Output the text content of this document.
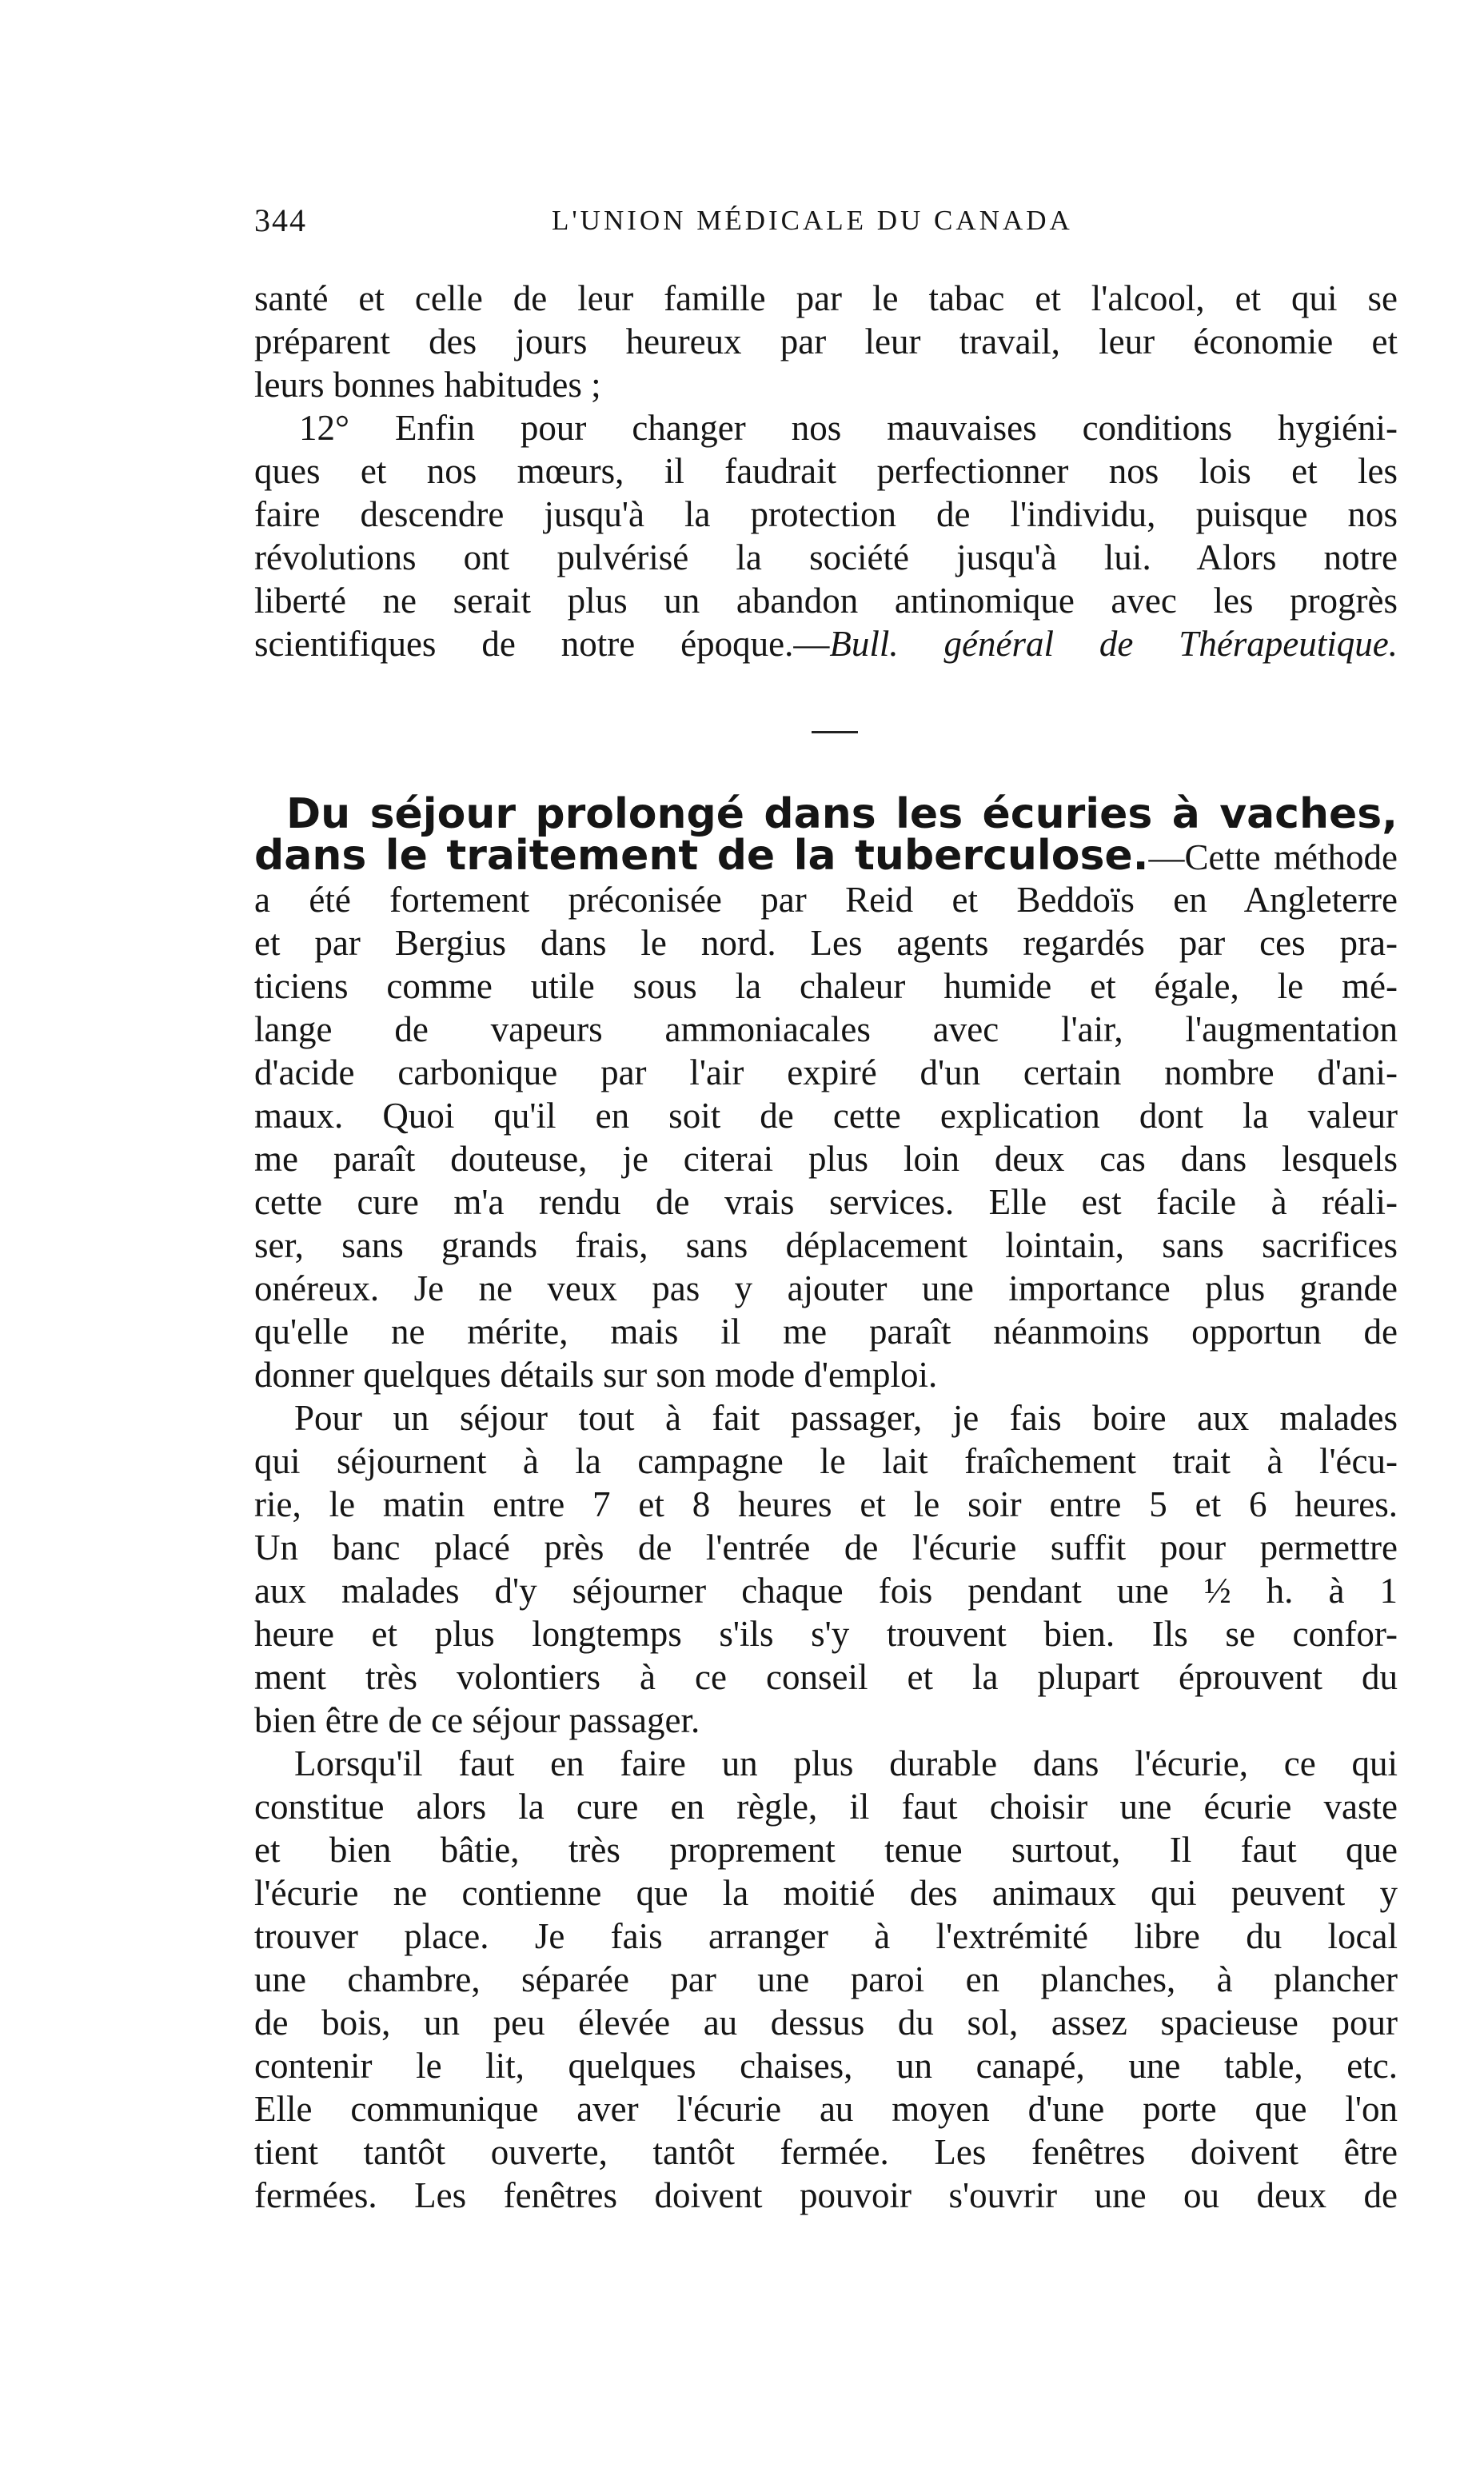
344	L'UNION MÉDICALE DU CANADA
santé et celle de leur famille par le tabac et l'alcool, et qui se
préparent des jours heureux par leur travail, leur économie et
leurs bonnes habitudes ;
12° Enfin pour changer nos mauvaises conditions hygiéni-
ques et nos mœurs, il faudrait perfectionner nos lois et les
faire descendre jusqu'à la protection de l'individu, puisque nos
révolutions ont pulvérisé la société jusqu'à lui. Alors notre
liberté ne serait plus un abandon antinomique avec les progrès
scientifiques de notre époque.—Bull. général de Thérapeutique.
Du séjour prolongé dans les écuries à vaches,
dans le traitement de la tuberculose.—Cette méthode
a été fortement préconisée par Reid et Beddoïs en Angleterre
et par Bergius dans le nord. Les agents regardés par ces pra-
ticiens comme utile sous la chaleur humide et égale, le mé-
lange de vapeurs ammoniacales avec l'air, l'augmentation
d'acide carbonique par l'air expiré d'un certain nombre d'ani-
maux. Quoi qu'il en soit de cette explication dont la valeur
me paraît douteuse, je citerai plus loin deux cas dans lesquels
cette cure m'a rendu de vrais services. Elle est facile à réali-
ser, sans grands frais, sans déplacement lointain, sans sacrifices
onéreux. Je ne veux pas y ajouter une importance plus grande
qu'elle ne mérite, mais il me paraît néanmoins opportun de
donner quelques détails sur son mode d'emploi.
Pour un séjour tout à fait passager, je fais boire aux malades
qui séjournent à la campagne le lait fraîchement trait à l'écu-
rie, le matin entre 7 et 8 heures et le soir entre 5 et 6 heures.
Un banc placé près de l'entrée de l'écurie suffit pour permettre
aux malades d'y séjourner chaque fois pendant une ½ h. à 1
heure et plus longtemps s'ils s'y trouvent bien. Ils se confor-
ment très volontiers à ce conseil et la plupart éprouvent du
bien être de ce séjour passager.
Lorsqu'il faut en faire un plus durable dans l'écurie, ce qui
constitue alors la cure en règle, il faut choisir une écurie vaste
et bien bâtie, très proprement tenue surtout, Il faut que
l'écurie ne contienne que la moitié des animaux qui peuvent y
trouver place. Je fais arranger à l'extrémité libre du local
une chambre, séparée par une paroi en planches, à plancher
de bois, un peu élevée au dessus du sol, assez spacieuse pour
contenir le lit, quelques chaises, un canapé, une table, etc.
Elle communique aver l'écurie au moyen d'une porte que l'on
tient tantôt ouverte, tantôt fermée. Les fenêtres doivent être
fermées. Les fenêtres doivent pouvoir s'ouvrir une ou deux de
